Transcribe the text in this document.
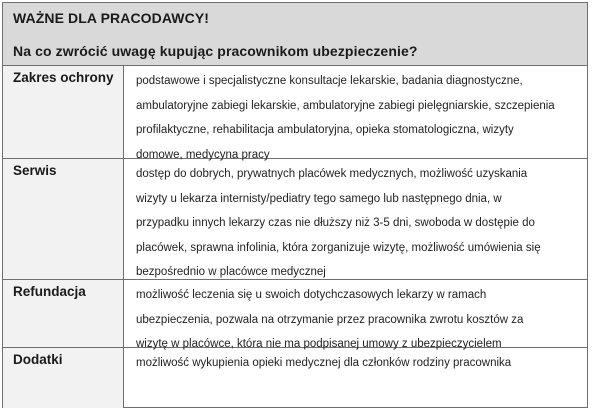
WAŻNE DLA PRACODAWCY!

Na co zwrócić uwagę kupując pracownikom ubezpieczenie?

Zakres ochrony	podstawowe i specjalistyczne konsultacje lekarskie, badania diagnostyczne,
ambulatoryjne zabiegi lekarskie, ambulatoryjne zabiegi pielęgniarskie, szczepienia
profilaktyczne, rehabilitacja ambulatoryjna, opieka stomatologiczna, wizyty
domowe, medycyna pracy
Serwis	dostęp do dobrych, prywatnych placówek medycznych, możliwość uzyskania
wizyty u lekarza internisty/pediatry tego samego lub następnego dnia, w
przypadku innych lekarzy czas nie dłuższy niż 3-5 dni, swoboda w dostępie do
placówek, sprawna infolinia, która zorganizuje wizytę, możliwość umówienia się
bezpośrednio w placówce medycznej
Refundacja	możliwość leczenia się u swoich dotychczasowych lekarzy w ramach
ubezpieczenia, pozwala na otrzymanie przez pracownika zwrotu kosztów za
wizytę w placówce, która nie ma podpisanej umowy z ubezpieczycielem
Dodatki	możliwość wykupienia opieki medycznej dla członków rodziny pracownika
